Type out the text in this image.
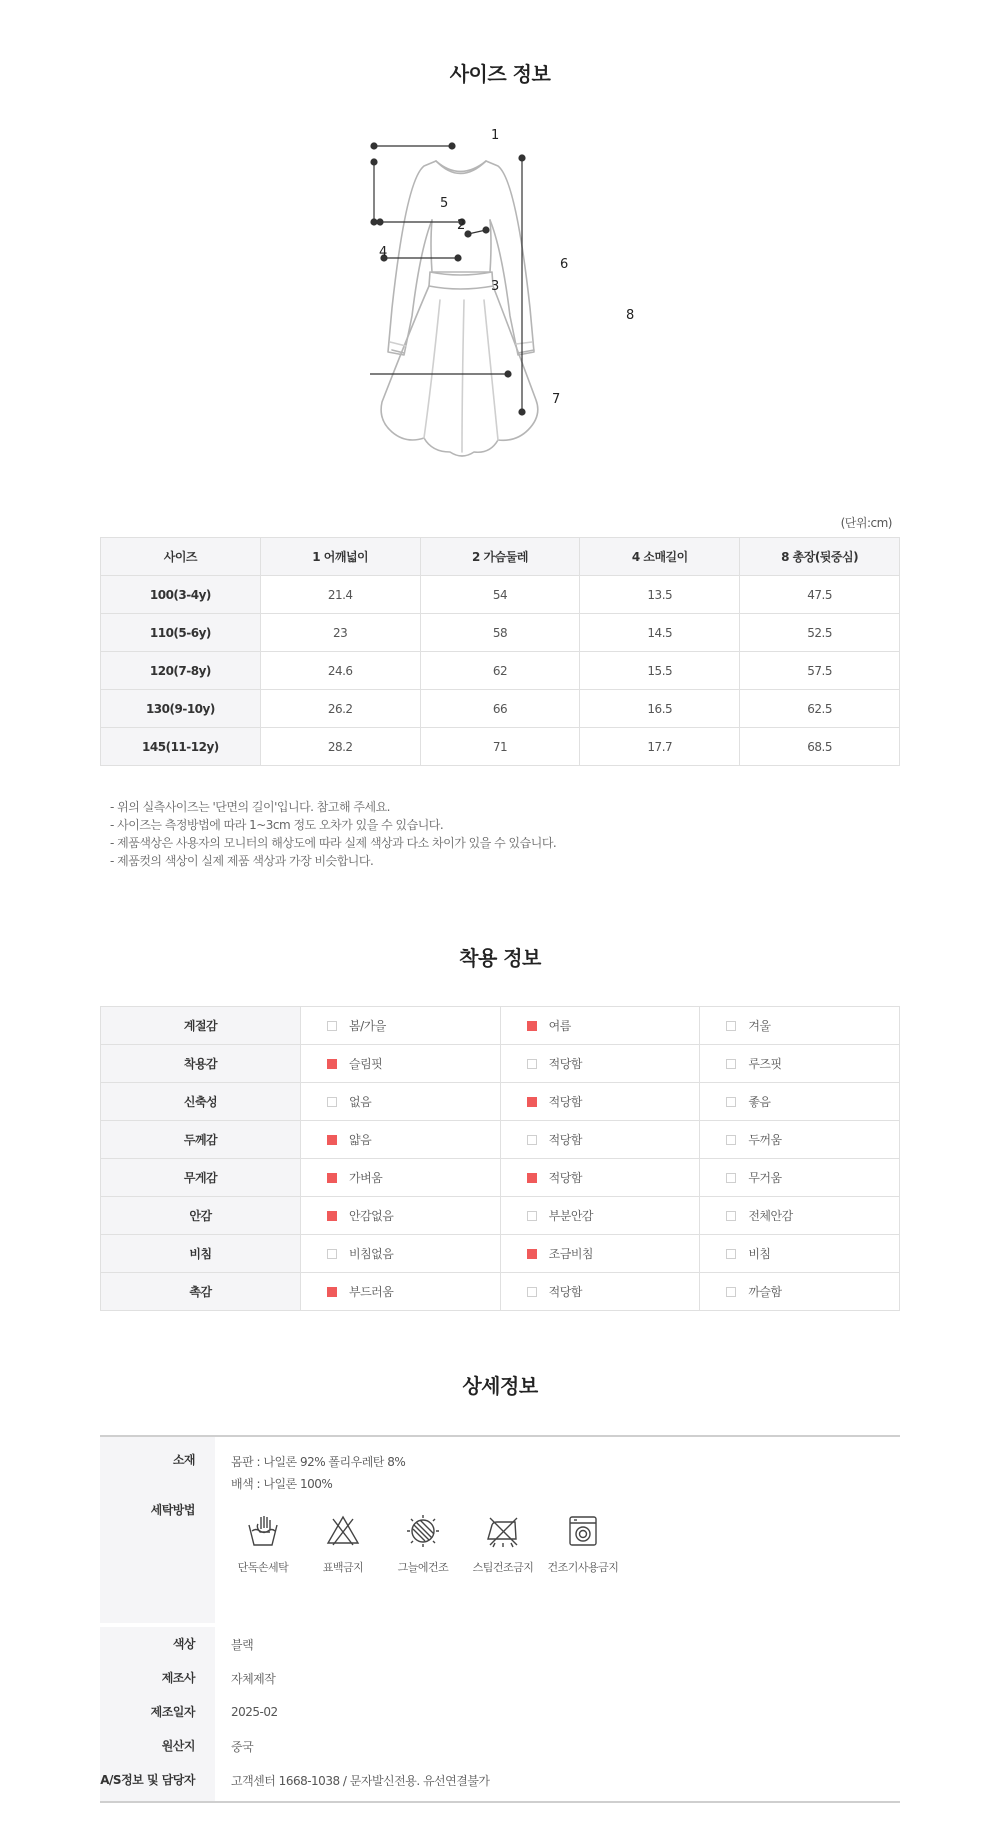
사이즈 정보
1
2
3
4
5
6
7
8
(단위:cm)
사이즈	1 어깨넓이	2 가슴둘레	4 소매길이	8 총장(뒷중심)
100(3-4y)	21.4	54	13.5	47.5
110(5-6y)	23	58	14.5	52.5
120(7-8y)	24.6	62	15.5	57.5
130(9-10y)	26.2	66	16.5	62.5
145(11-12y)	28.2	71	17.7	68.5
- 위의 실측사이즈는 '단면의 길이'입니다. 참고해 주세요.
- 사이즈는 측정방법에 따라 1~3cm 정도 오차가 있을 수 있습니다.
- 제품색상은 사용자의 모니터의 해상도에 따라 실제 색상과 다소 차이가 있을 수 있습니다.
- 제품컷의 색상이 실제 제품 색상과 가장 비슷합니다.
착용 정보
계절감	봄/가을	여름	겨울
착용감	슬림핏	적당함	루즈핏
신축성	없음	적당함	좋음
두께감	얇음	적당함	두꺼움
무게감	가벼움	적당함	무거움
안감	안감없음	부분안감	전체안감
비침	비침없음	조금비침	비침
촉감	부드러움	적당함	까슬함
상세정보
소재	몸판 : 나일론 92% 폴리우레탄 8%
배색 : 나일론 100%
세탁방법
단독손세탁	표백금지	그늘에건조	스팀건조금지	건조기사용금지
색상	블랙
제조사	자체제작
제조일자	2025-02
원산지	중국
A/S정보 및 담당자	고객센터 1668-1038 / 문자발신전용. 유선연결불가
